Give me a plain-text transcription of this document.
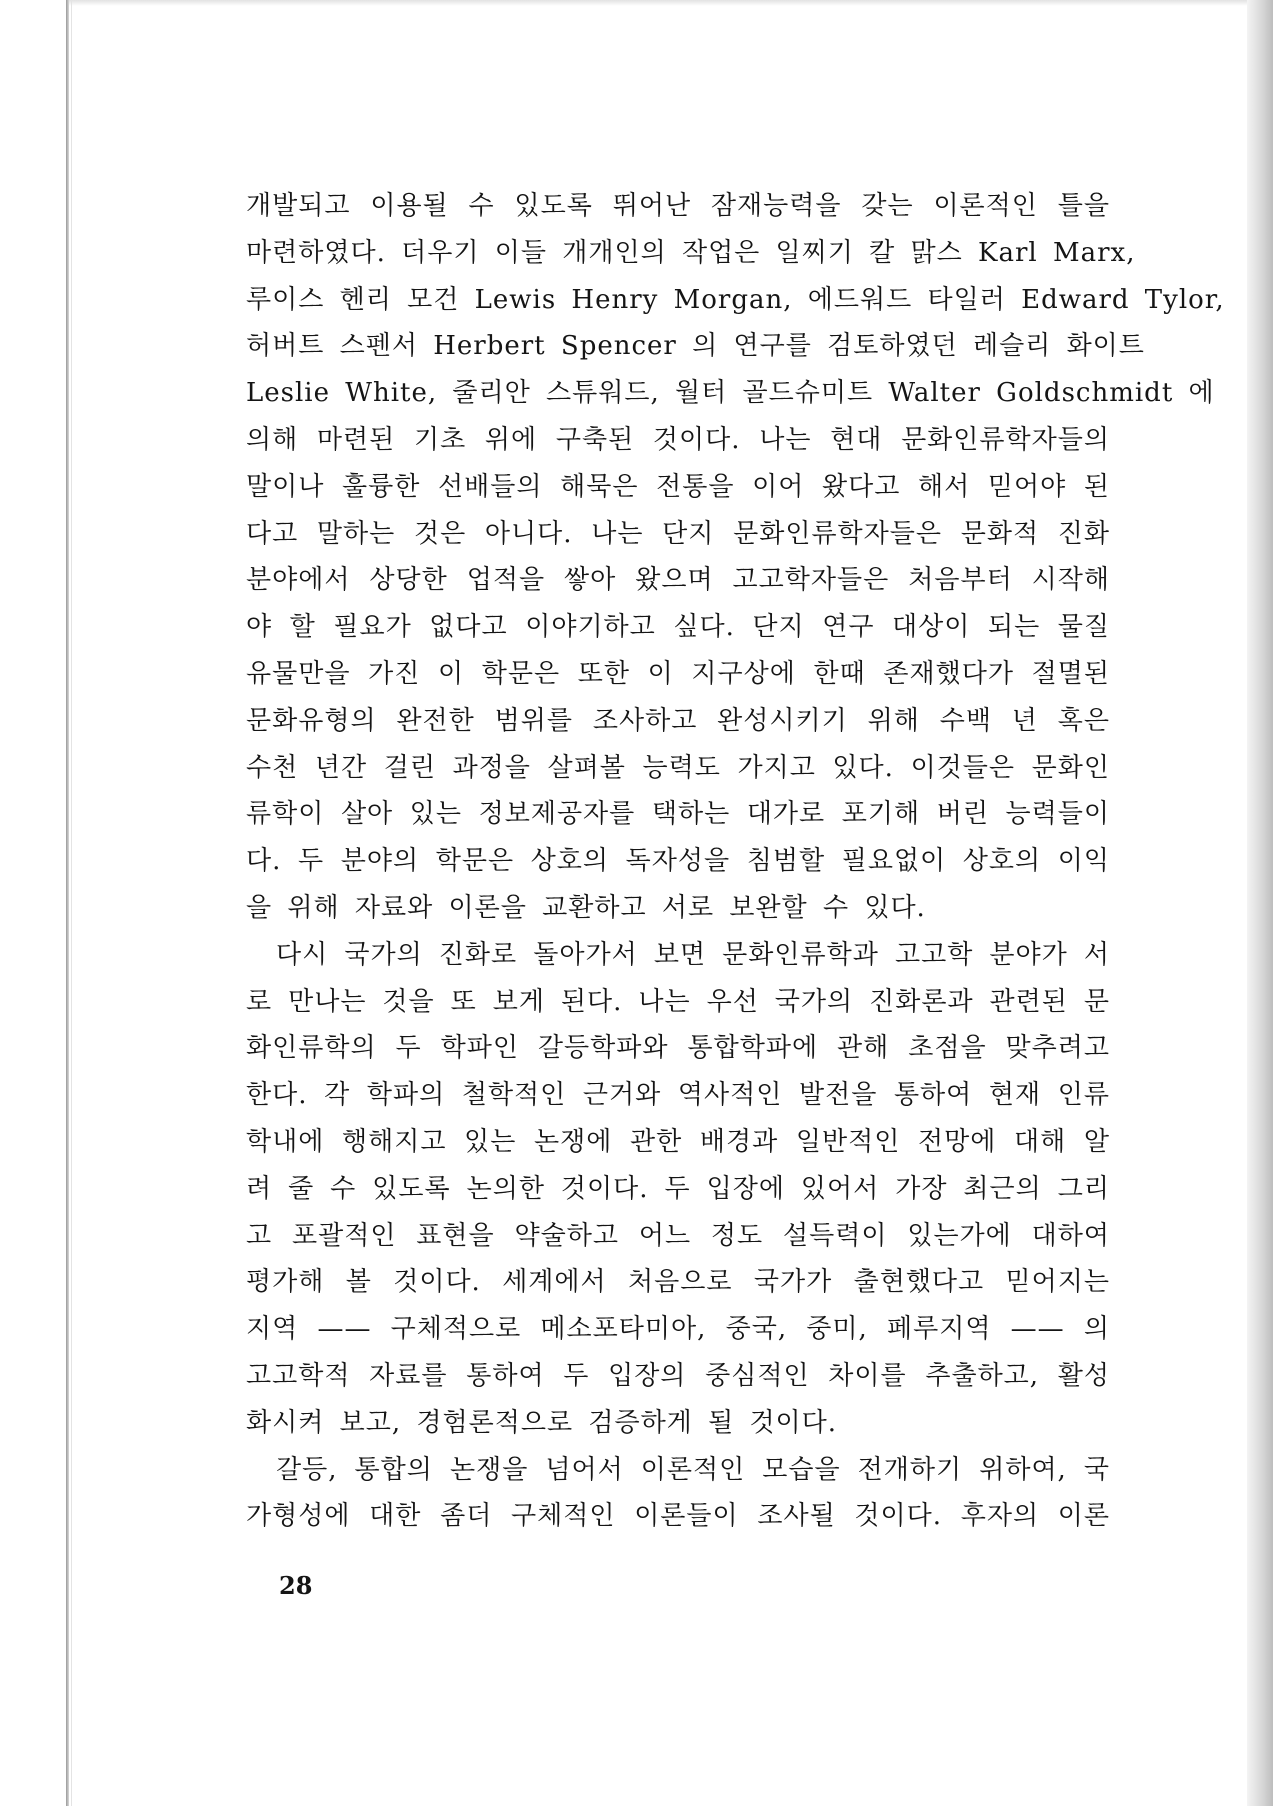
개발되고 이용될 수 있도록 뛰어난 잠재능력을 갖는 이론적인 틀을
마련하였다. 더우기 이들 개개인의 작업은 일찌기 칼 맑스 Karl Marx,
루이스 헨리 모건 Lewis Henry Morgan, 에드워드 타일러 Edward Tylor,
허버트 스펜서 Herbert Spencer 의 연구를 검토하였던 레슬리 화이트
Leslie White, 줄리안 스튜워드, 월터 골드슈미트 Walter Goldschmidt 에
의해 마련된 기초 위에 구축된 것이다. 나는 현대 문화인류학자들의
말이나 훌륭한 선배들의 해묵은 전통을 이어 왔다고 해서 믿어야 된
다고 말하는 것은 아니다. 나는 단지 문화인류학자들은 문화적 진화
분야에서 상당한 업적을 쌓아 왔으며 고고학자들은 처음부터 시작해
야 할 필요가 없다고 이야기하고 싶다. 단지 연구 대상이 되는 물질
유물만을 가진 이 학문은 또한 이 지구상에 한때 존재했다가 절멸된
문화유형의 완전한 범위를 조사하고 완성시키기 위해 수백 년 혹은
수천 년간 걸린 과정을 살펴볼 능력도 가지고 있다. 이것들은 문화인
류학이 살아 있는 정보제공자를 택하는 대가로 포기해 버린 능력들이
다. 두 분야의 학문은 상호의 독자성을 침범할 필요없이 상호의 이익
을 위해 자료와 이론을 교환하고 서로 보완할 수 있다.
다시 국가의 진화로 돌아가서 보면 문화인류학과 고고학 분야가 서
로 만나는 것을 또 보게 된다. 나는 우선 국가의 진화론과 관련된 문
화인류학의 두 학파인 갈등학파와 통합학파에 관해 초점을 맞추려고
한다. 각 학파의 철학적인 근거와 역사적인 발전을 통하여 현재 인류
학내에 행해지고 있는 논쟁에 관한 배경과 일반적인 전망에 대해 알
려 줄 수 있도록 논의한 것이다. 두 입장에 있어서 가장 최근의 그리
고 포괄적인 표현을 약술하고 어느 정도 설득력이 있는가에 대하여
평가해 볼 것이다. 세계에서 처음으로 국가가 출현했다고 믿어지는
지역 —— 구체적으로 메소포타미아, 중국, 중미, 페루지역 —— 의
고고학적 자료를 통하여 두 입장의 중심적인 차이를 추출하고, 활성
화시켜 보고, 경험론적으로 검증하게 될 것이다.
갈등, 통합의 논쟁을 넘어서 이론적인 모습을 전개하기 위하여, 국
가형성에 대한 좀더 구체적인 이론들이 조사될 것이다. 후자의 이론
28
